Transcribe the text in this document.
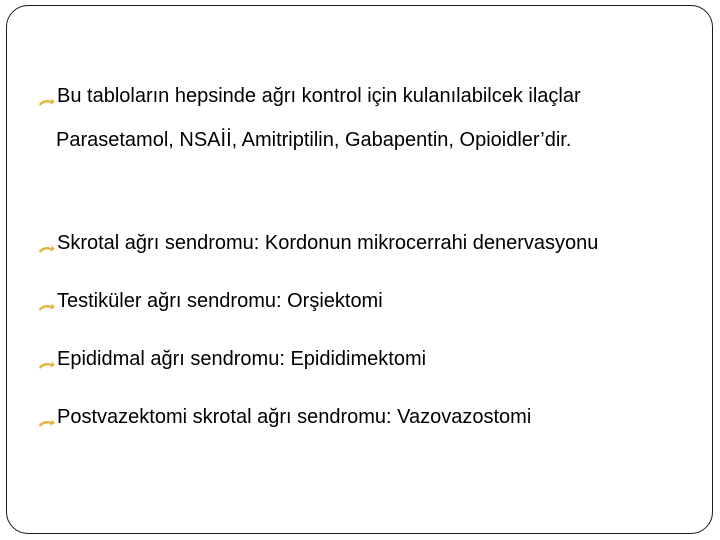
Bu tabloların hepsinde ağrı kontrol için kulanılabilcek ilaçlar
Parasetamol, NSAİİ, Amitriptilin, Gabapentin, Opioidler’dir.
Skrotal ağrı sendromu: Kordonun mikrocerrahi denervasyonu
Testiküler ağrı sendromu: Orşiektomi
Epididmal ağrı sendromu: Epididimektomi
Postvazektomi skrotal ağrı sendromu: Vazovazostomi
